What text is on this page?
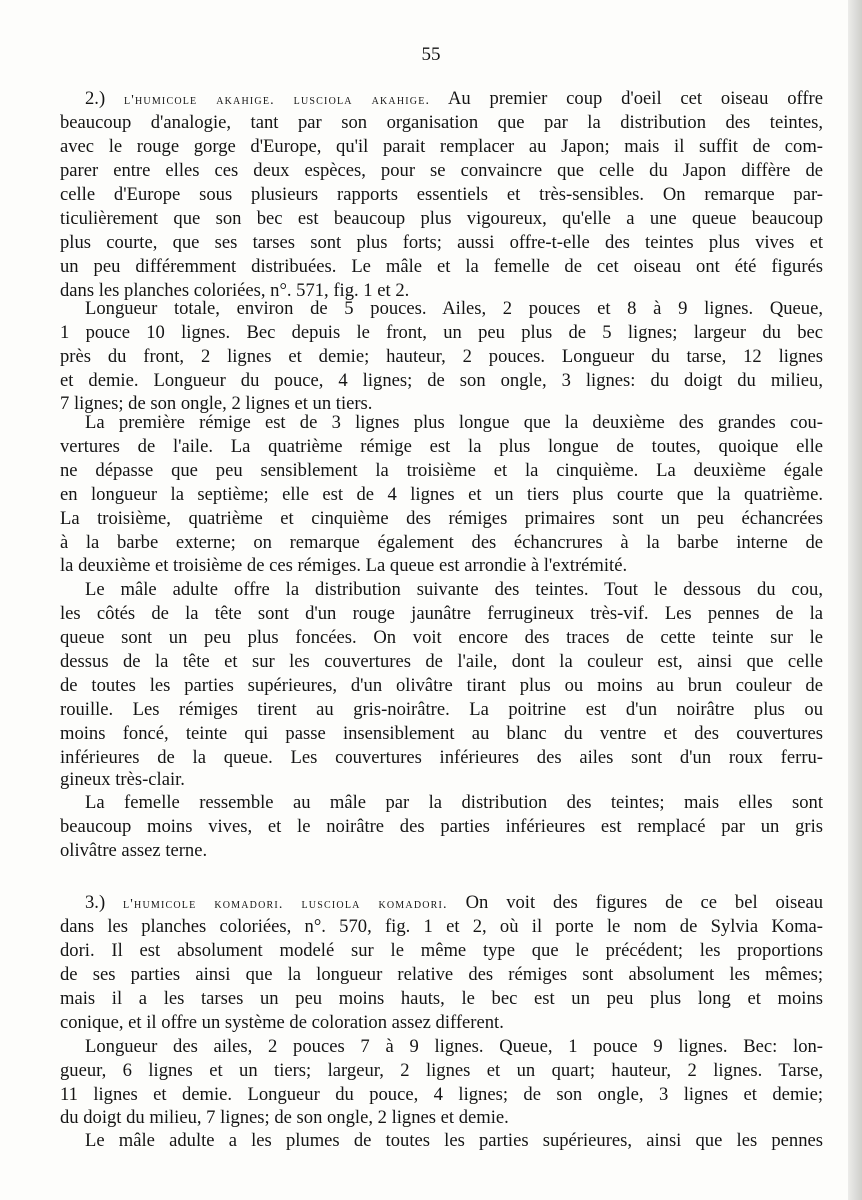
55
2.) l'humicole akahige. lusciola akahige. Au premier coup d'oeil cet oiseau offre
beaucoup d'analogie, tant par son organisation que par la distribution des teintes,
avec le rouge gorge d'Europe, qu'il parait remplacer au Japon; mais il suffit de com-
parer entre elles ces deux espèces, pour se convaincre que celle du Japon diffère de
celle d'Europe sous plusieurs rapports essentiels et très-sensibles. On remarque par-
ticulièrement que son bec est beaucoup plus vigoureux, qu'elle a une queue beaucoup
plus courte, que ses tarses sont plus forts; aussi offre-t-elle des teintes plus vives et
un peu différemment distribuées. Le mâle et la femelle de cet oiseau ont été figurés
dans les planches coloriées, n°. 571, fig. 1 et 2.
Longueur totale, environ de 5 pouces. Ailes, 2 pouces et 8 à 9 lignes. Queue,
1 pouce 10 lignes. Bec depuis le front, un peu plus de 5 lignes; largeur du bec
près du front, 2 lignes et demie; hauteur, 2 pouces. Longueur du tarse, 12 lignes
et demie. Longueur du pouce, 4 lignes; de son ongle, 3 lignes: du doigt du milieu,
7 lignes; de son ongle, 2 lignes et un tiers.
La première rémige est de 3 lignes plus longue que la deuxième des grandes cou-
vertures de l'aile. La quatrième rémige est la plus longue de toutes, quoique elle
ne dépasse que peu sensiblement la troisième et la cinquième. La deuxième égale
en longueur la septième; elle est de 4 lignes et un tiers plus courte que la quatrième.
La troisième, quatrième et cinquième des rémiges primaires sont un peu échancrées
à la barbe externe; on remarque également des échancrures à la barbe interne de
la deuxième et troisième de ces rémiges. La queue est arrondie à l'extrémité.
Le mâle adulte offre la distribution suivante des teintes. Tout le dessous du cou,
les côtés de la tête sont d'un rouge jaunâtre ferrugineux très-vif. Les pennes de la
queue sont un peu plus foncées. On voit encore des traces de cette teinte sur le
dessus de la tête et sur les couvertures de l'aile, dont la couleur est, ainsi que celle
de toutes les parties supérieures, d'un olivâtre tirant plus ou moins au brun couleur de
rouille. Les rémiges tirent au gris-noirâtre. La poitrine est d'un noirâtre plus ou
moins foncé, teinte qui passe insensiblement au blanc du ventre et des couvertures
inférieures de la queue. Les couvertures inférieures des ailes sont d'un roux ferru-
gineux très-clair.
La femelle ressemble au mâle par la distribution des teintes; mais elles sont
beaucoup moins vives, et le noirâtre des parties inférieures est remplacé par un gris
olivâtre assez terne.
3.) l'humicole komadori. lusciola komadori. On voit des figures de ce bel oiseau
dans les planches coloriées, n°. 570, fig. 1 et 2, où il porte le nom de Sylvia Koma-
dori. Il est absolument modelé sur le même type que le précédent; les proportions
de ses parties ainsi que la longueur relative des rémiges sont absolument les mêmes;
mais il a les tarses un peu moins hauts, le bec est un peu plus long et moins
conique, et il offre un système de coloration assez different.
Longueur des ailes, 2 pouces 7 à 9 lignes. Queue, 1 pouce 9 lignes. Bec: lon-
gueur, 6 lignes et un tiers; largeur, 2 lignes et un quart; hauteur, 2 lignes. Tarse,
11 lignes et demie. Longueur du pouce, 4 lignes; de son ongle, 3 lignes et demie;
du doigt du milieu, 7 lignes; de son ongle, 2 lignes et demie.
Le mâle adulte a les plumes de toutes les parties supérieures, ainsi que les pennes
